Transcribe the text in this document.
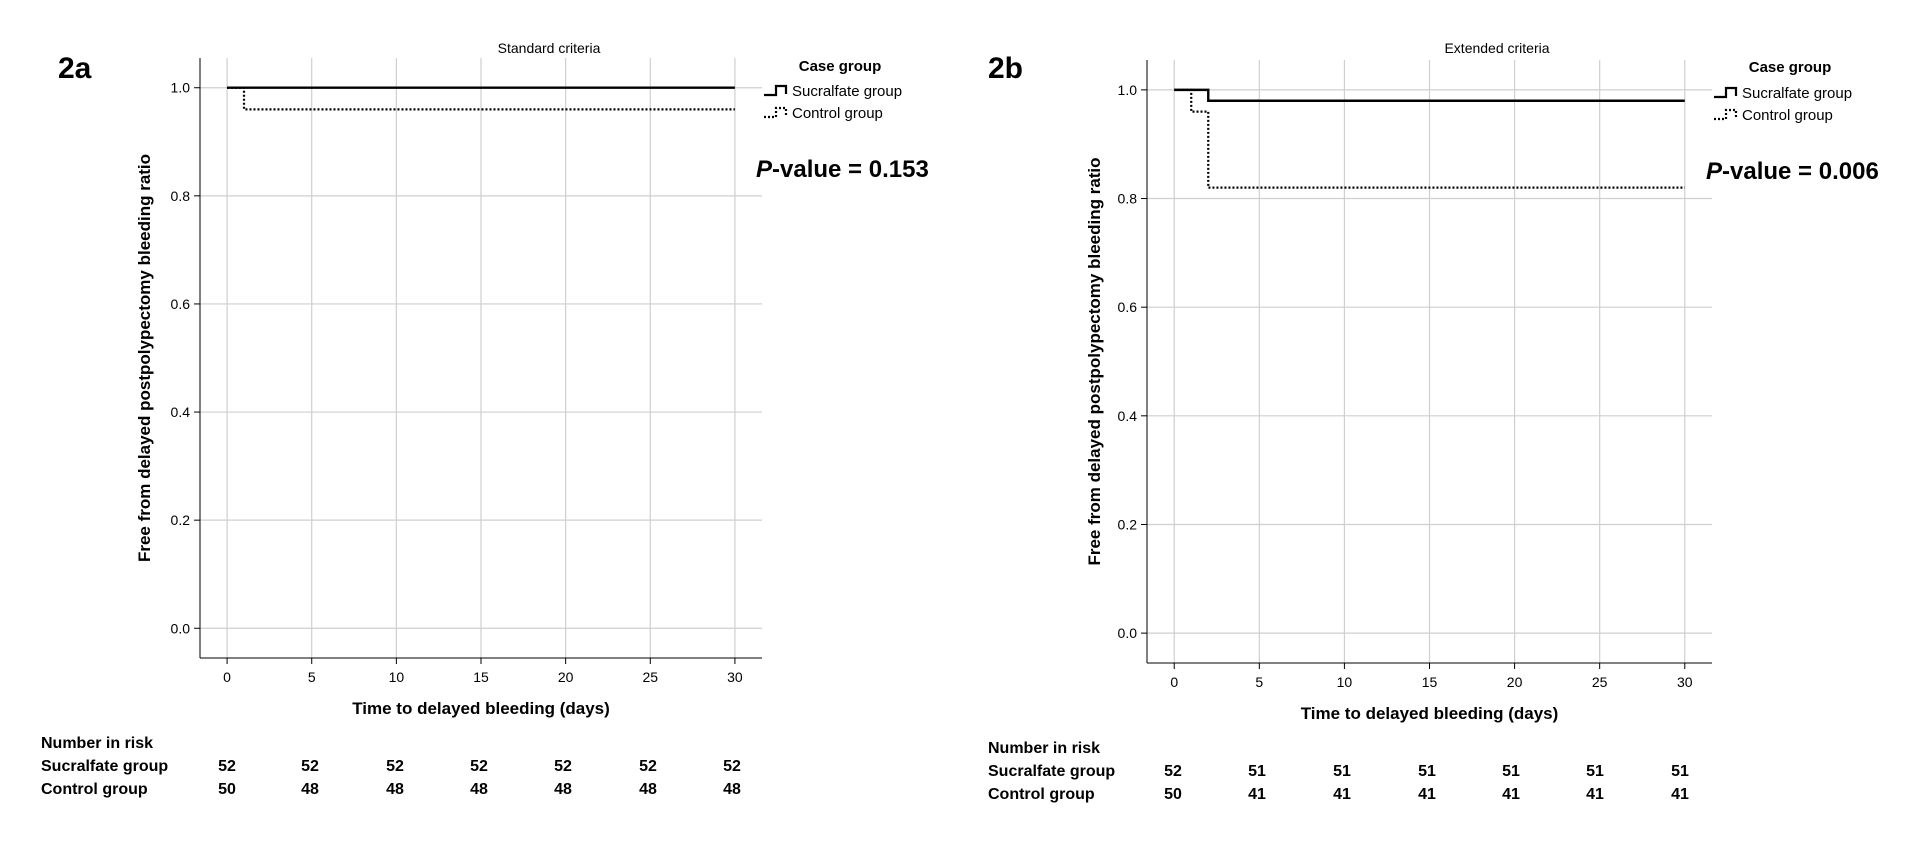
0	5	10	15	20	25	30
0.0
0.2
0.4
0.6
0.8
1.0
Standard criteria
Time to delayed bleeding (days)
Free from delayed postpolypectomy bleeding ratio
2a	Case group
Sucralfate group
Control group
P-value = 0.153
Number in risk
Sucralfate group	52	52	52	52	52	52	52
Control group	50	48	48	48	48	48	48
0	5	10	15	20	25	30
0.0
0.2
0.4
0.6
0.8
1.0
Extended criteria
Time to delayed bleeding (days)
Free from delayed postpolypectomy bleeding ratio
2b	Case group
Sucralfate group
Control group
P-value = 0.006
Number in risk
Sucralfate group	52	51	51	51	51	51	51
Control group	50	41	41	41	41	41	41
